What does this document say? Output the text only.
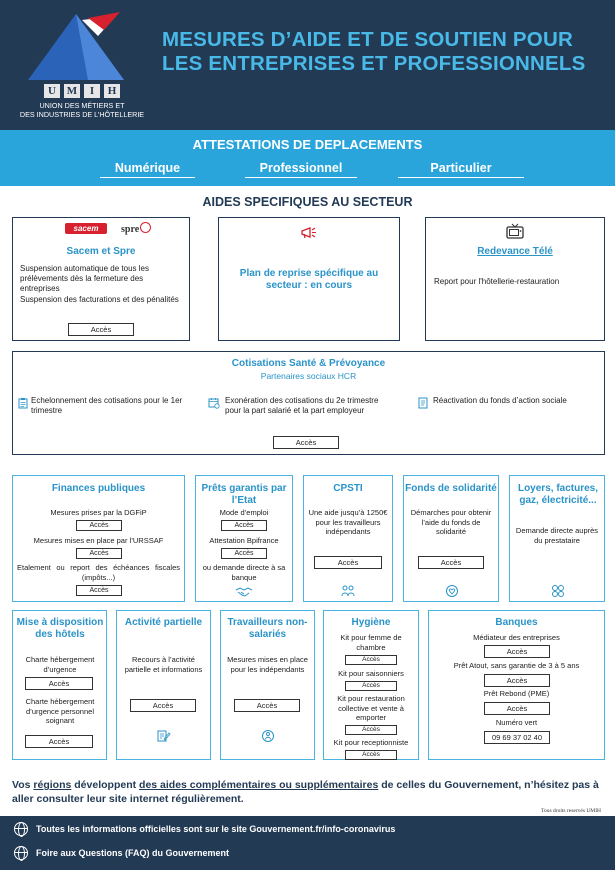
U M	I	H
UNION DES MÉTIERS ET
DES INDUSTRIES DE L’HÔTELLERIE
MESURES D’AIDE ET DE SOUTIEN POUR LES ENTREPRISES ET PROFESSIONNELS
ATTESTATIONS DE DEPLACEMENTS
Numérique	Professionnel	Particulier
AIDES SPECIFIQUES AU SECTEUR
sacem	spre
Sacem et Spre
Suspension automatique de tous les prélèvements dès la fermeture des entreprises
Suspension des facturations et des pénalités
Accès
Plan de reprise spécifique au secteur : en cours
Redevance Télé
Report pour l'hôtellerie-restauration
Cotisations Santé & Prévoyance
Partenaires sociaux HCR
Echelonnement des cotisations pour le 1er trimestre
Exonération des cotisations du 2e trimestre pour la part salarié et la part employeur
Réactivation du fonds d’action sociale
Accès
Finances publiques
Mesures prises par la DGFiP
Accès
Mesures mises en place par l’URSSAF
Accès
Etalement ou report des échéances fiscales (impôts...)
Accès
Prêts garantis par l’Etat
Mode d’emploi
Accès
Attestation Bpifrance
Accès
ou demande directe à sa banque
CPSTI
Une aide jusqu’à 1250€ pour les travailleurs indépendants
Accès
Fonds de solidarité
Démarches pour obtenir l’aide du fonds de solidarité
Accès
Loyers, factures, gaz, électricité...
Demande directe auprès du prestataire
Mise à disposition des hôtels
Charte hébergement d’urgence
Accès
Charte hébergement d’urgence personnel soignant
Accès
Activité partielle
Recours à l’activité partielle et informations
Accès
Travailleurs non-salariés
Mesures mises en place pour les indépendants
Accès
Hygiène
Kit pour femme de chambre
Accès
Kit pour saisonniers
Accès
Kit pour restauration collective et vente à emporter
Accès
Kit pour receptionniste
Accès
Banques
Médiateur des entreprises
Accès
Prêt Atout, sans garantie de 3 à 5 ans
Accès
Prêt Rebond (PME)
Accès
Numéro vert
09 69 37 02 40
Vos régions développent des aides complémentaires ou supplémentaires de celles du Gouvernement, n’hésitez pas à aller consulter leur site internet régulièrement.
Tous droits reservés UMIH
Toutes les informations officielles sont sur le site Gouvernement.fr/info-coronavirus
Foire aux Questions (FAQ) du Gouvernement
